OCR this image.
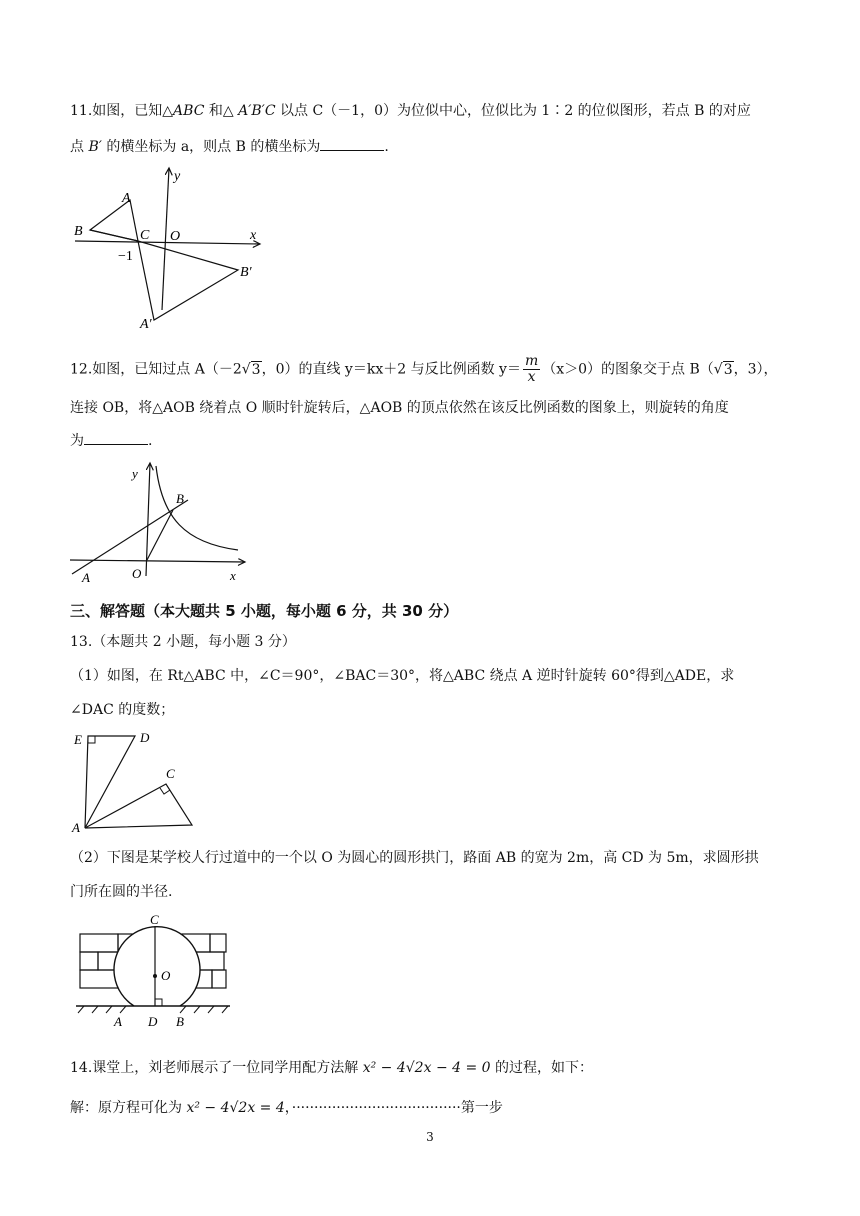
11.如图，已知△ABC 和△ A′B′C 以点 C（－1，0）为位似中心，位似比为 1∶2 的位似图形，若点 B 的对应
点 B′ 的横坐标为 a，则点 B 的横坐标为	.
A
B	C O
y
x
−1
B′
A′
12.如图，已知过点 A（－2√3，0）的直线 y＝kx＋2 与反比例函数 $y= \frac{m}{x} (x>0)$的图象交于点 B（√3，3），
连接 OB，将△AOB 绕着点 O 顺时针旋转后，△AOB 的顶点依然在该反比例函数的图象上，则旋转的角度
为	.
y
B
A	O	x
三、解答题（本大题共 5 小题，每小题 6 分，共 30 分）
13.（本题共 2 小题，每小题 3 分）
（1）如图，在 Rt△ABC 中，∠C＝90°，∠BAC＝30°，将△ABC 绕点 A 逆时针旋转 60°得到△ADE，求
∠DAC 的度数；
E	D
C
A
（2）下图是某学校人行过道中的一个以 O 为圆心的圆形拱门，路面 AB 的宽为 2m，高 CD 为 5m，求圆形拱
门所在圆的半径.
C
O
A D B
14.课堂上，刘老师展示了一位同学用配方法解 x² − 4√2x − 4 = 0 的过程，如下：
解：原方程可化为 x² − 4√2x = 4，······································第一步
3
